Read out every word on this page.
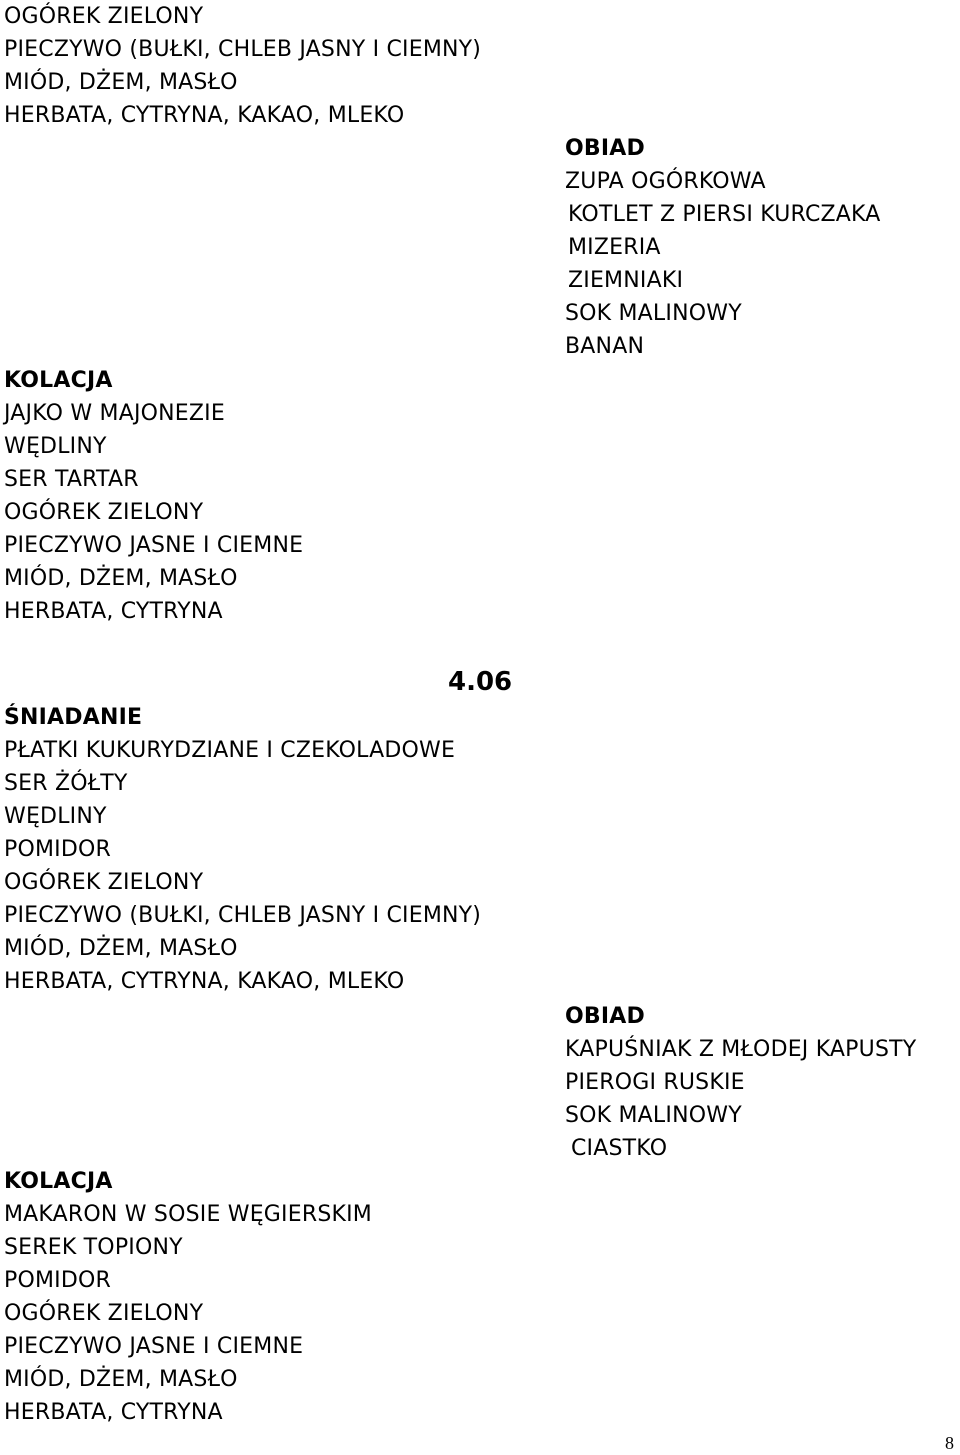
OGÓREK ZIELONY
PIECZYWO (BUŁKI, CHLEB JASNY I CIEMNY)
MIÓD, DŻEM, MASŁO
HERBATA, CYTRYNA, KAKAO, MLEKO
OBIAD
ZUPA OGÓRKOWA
KOTLET Z PIERSI KURCZAKA
MIZERIA
ZIEMNIAKI
SOK MALINOWY
BANAN
KOLACJA
JAJKO W MAJONEZIE
WĘDLINY
SER TARTAR
OGÓREK ZIELONY
PIECZYWO JASNE I CIEMNE
MIÓD, DŻEM, MASŁO
HERBATA, CYTRYNA
4.06
ŚNIADANIE
PŁATKI KUKURYDZIANE I CZEKOLADOWE
SER ŻÓŁTY
WĘDLINY
POMIDOR
OGÓREK ZIELONY
PIECZYWO (BUŁKI, CHLEB JASNY I CIEMNY)
MIÓD, DŻEM, MASŁO
HERBATA, CYTRYNA, KAKAO, MLEKO
OBIAD
KAPUŚNIAK Z MŁODEJ KAPUSTY
PIEROGI RUSKIE
SOK MALINOWY
CIASTKO
KOLACJA
MAKARON W SOSIE WĘGIERSKIM
SEREK TOPIONY
POMIDOR
OGÓREK ZIELONY
PIECZYWO JASNE I CIEMNE
MIÓD, DŻEM, MASŁO
HERBATA, CYTRYNA
8
